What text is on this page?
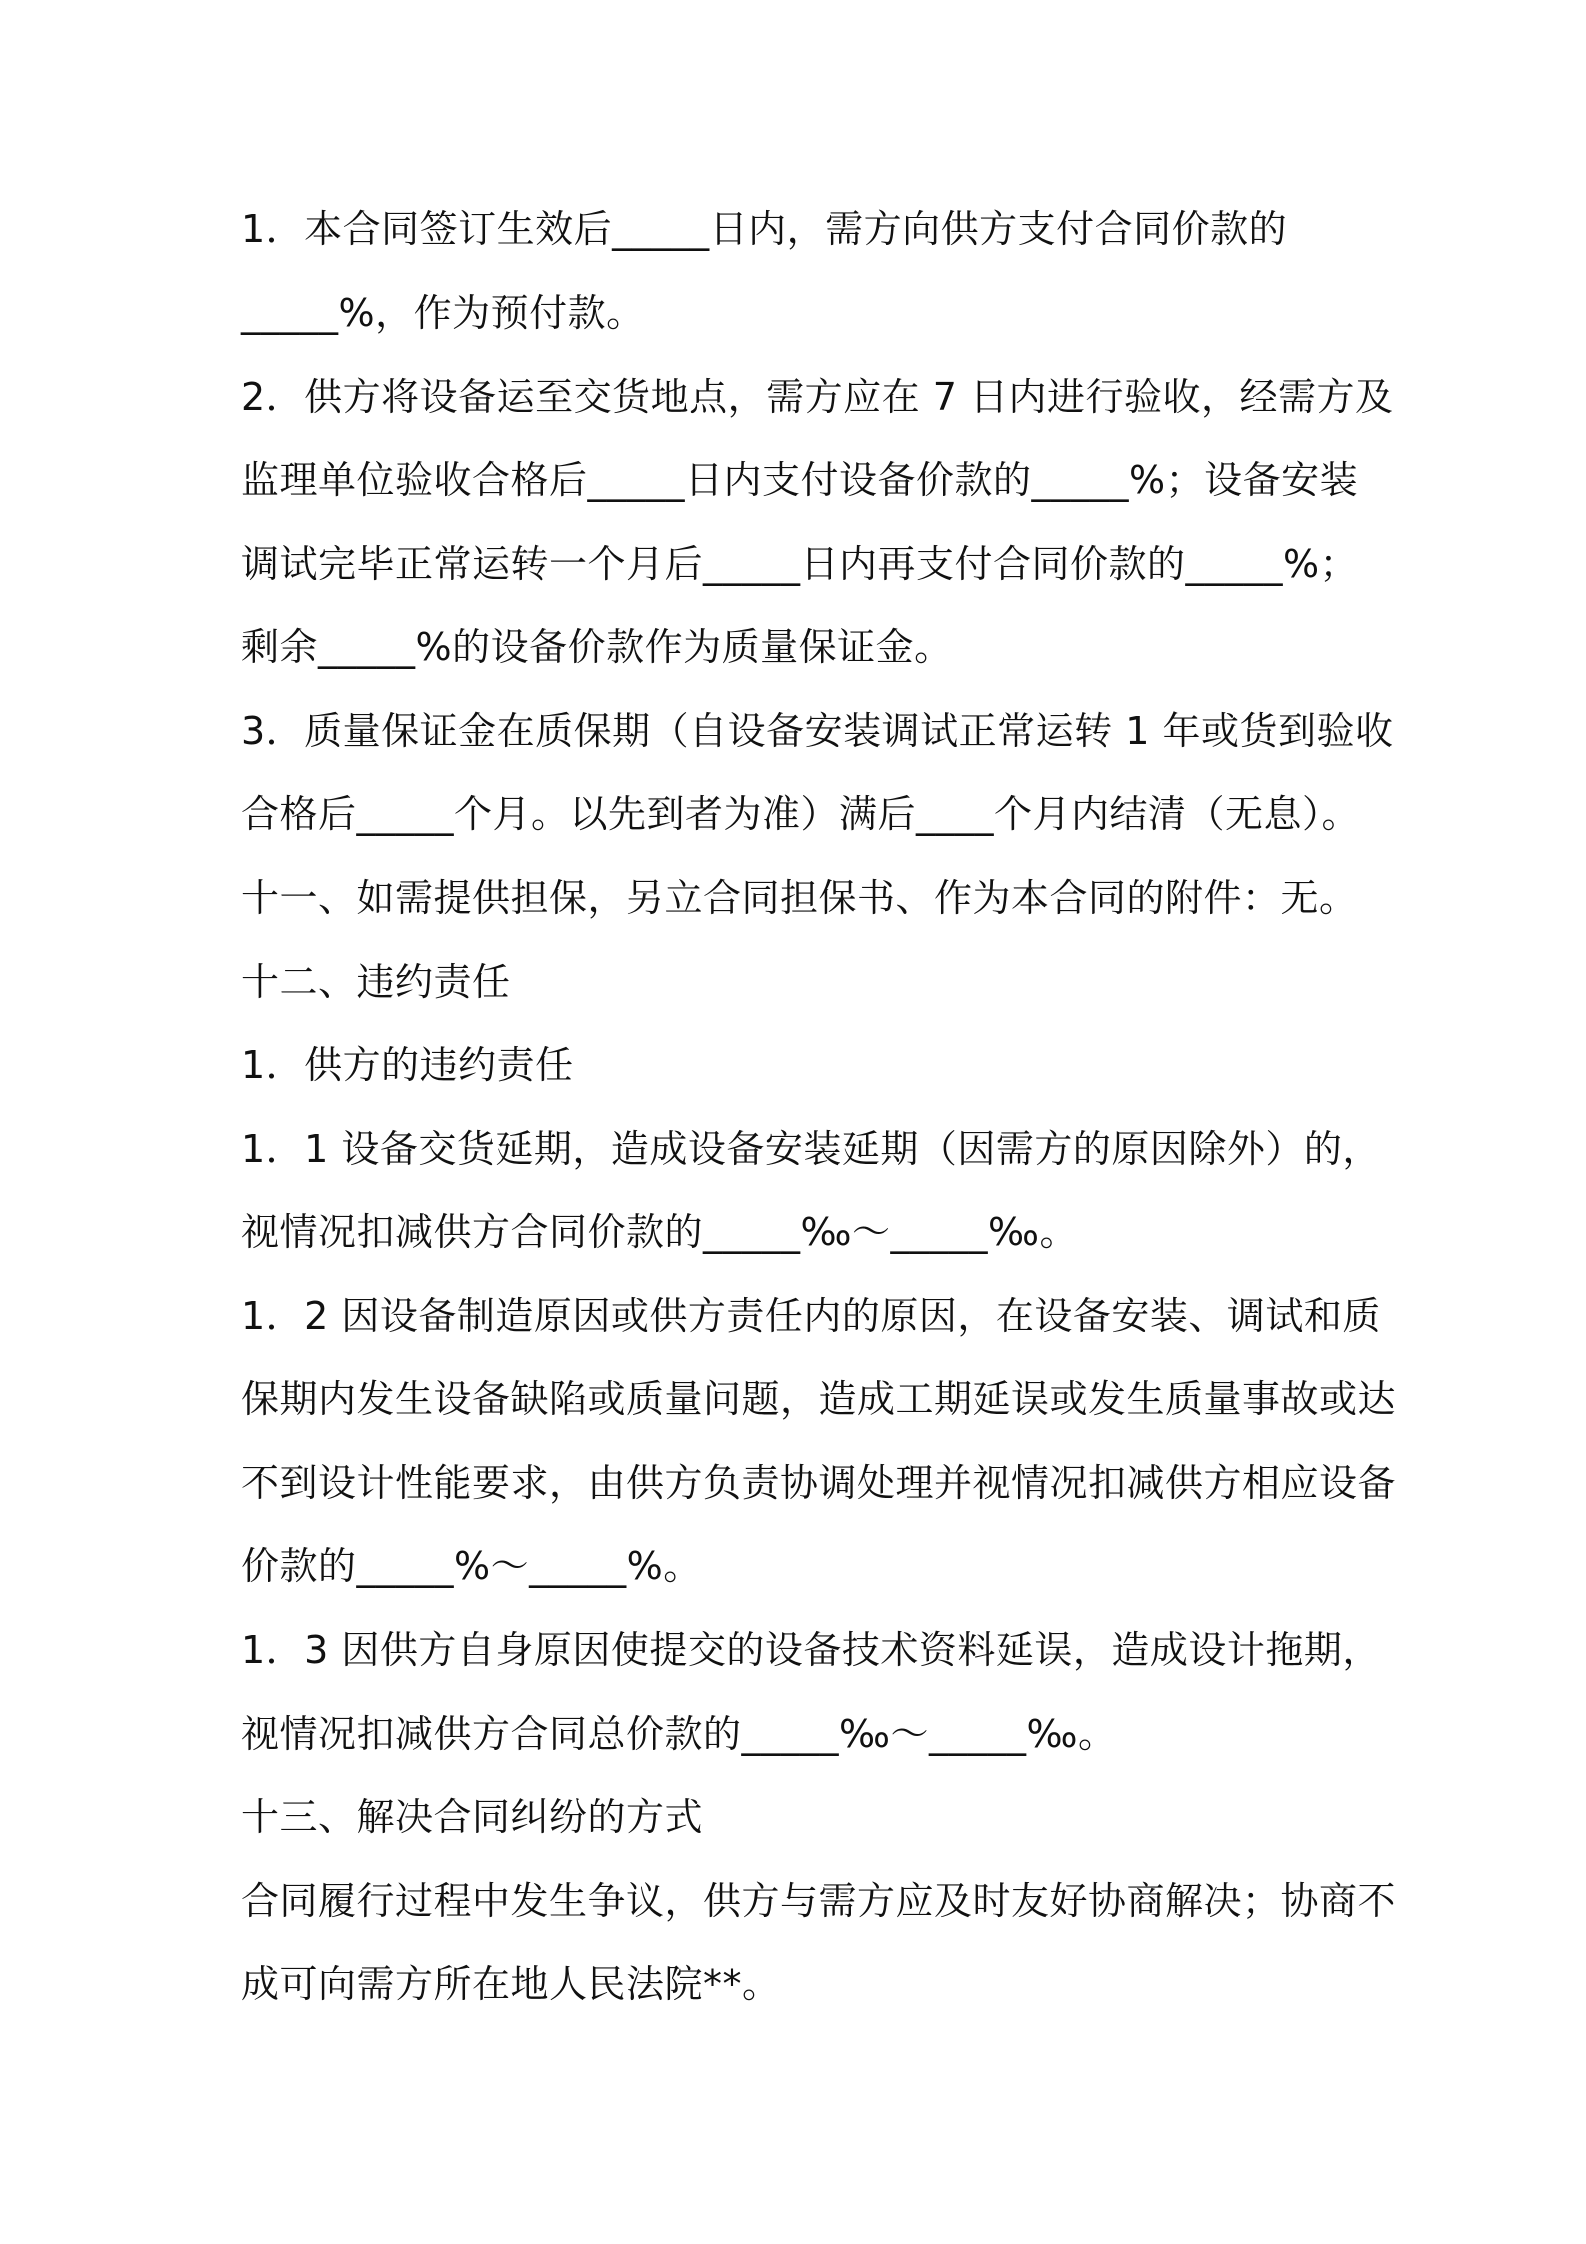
1．本合同签订生效后_____日内，需方向供方支付合同价款的
_____%，作为预付款。
2．供方将设备运至交货地点，需方应在 7 日内进行验收，经需方及
监理单位验收合格后_____日内支付设备价款的_____%；设备安装
调试完毕正常运转一个月后_____日内再支付合同价款的_____%；
剩余_____%的设备价款作为质量保证金。
3．质量保证金在质保期（自设备安装调试正常运转 1 年或货到验收
合格后_____个月。以先到者为准）满后____个月内结清（无息）。
十一、如需提供担保，另立合同担保书、作为本合同的附件：无。
十二、违约责任
1．供方的违约责任
1．1 设备交货延期，造成设备安装延期（因需方的原因除外）的，
视情况扣减供方合同价款的_____‰～_____‰。
1．2 因设备制造原因或供方责任内的原因，在设备安装、调试和质
保期内发生设备缺陷或质量问题，造成工期延误或发生质量事故或达
不到设计性能要求，由供方负责协调处理并视情况扣减供方相应设备
价款的_____%～_____%。
1．3 因供方自身原因使提交的设备技术资料延误，造成设计拖期，
视情况扣减供方合同总价款的_____‰～_____‰。
十三、解决合同纠纷的方式
合同履行过程中发生争议，供方与需方应及时友好协商解决；协商不
成可向需方所在地人民法院**。
